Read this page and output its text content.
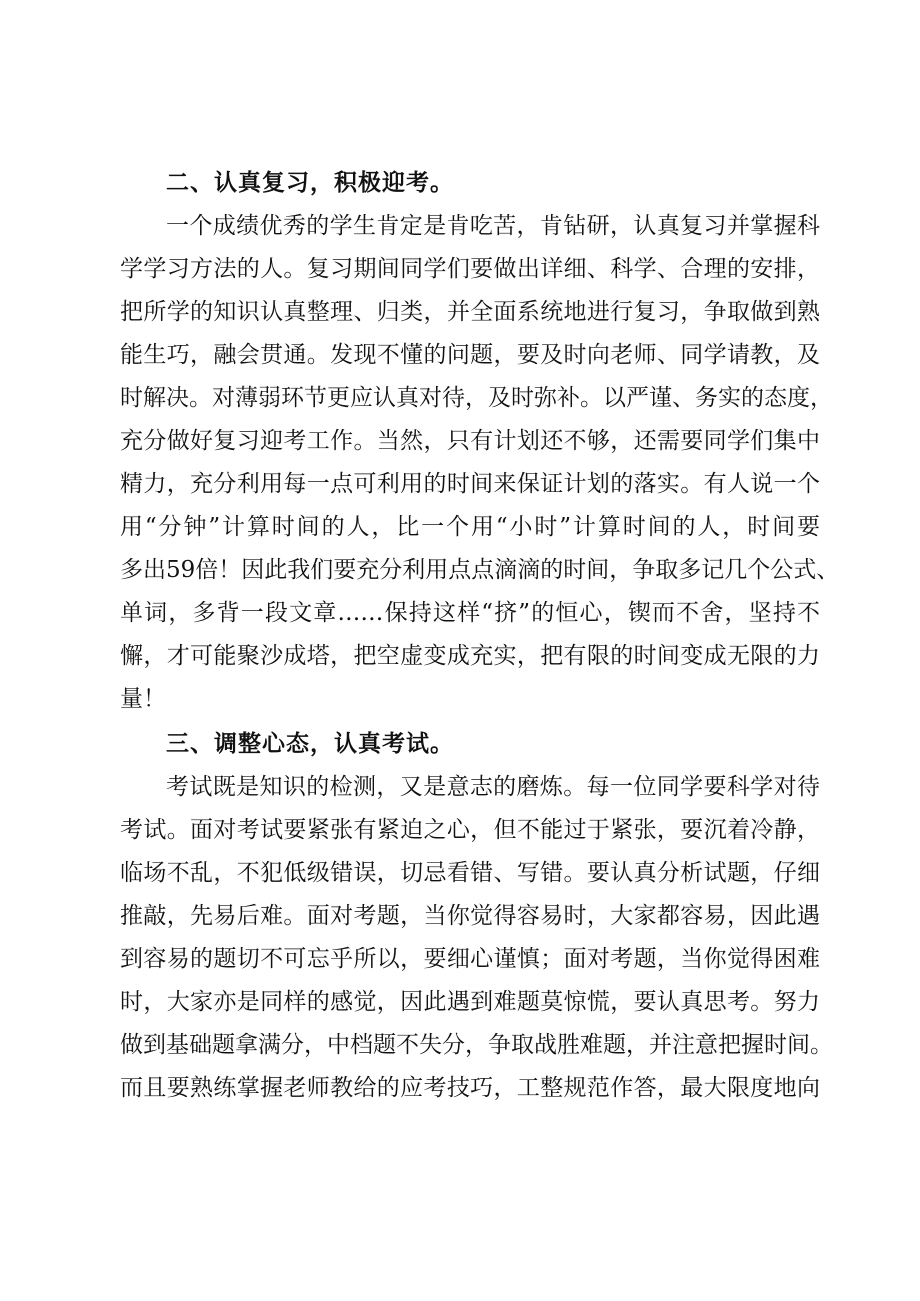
二、认真复习，积极迎考。
一个成绩优秀的学生肯定是肯吃苦，肯钻研，认真复习并掌握科
学学习方法的人。复习期间同学们要做出详细、科学、合理的安排，
把所学的知识认真整理、归类，并全面系统地进行复习，争取做到熟
能生巧，融会贯通。发现不懂的问题，要及时向老师、同学请教，及
时解决。对薄弱环节更应认真对待，及时弥补。以严谨、务实的态度，
充分做好复习迎考工作。当然，只有计划还不够，还需要同学们集中
精力，充分利用每一点可利用的时间来保证计划的落实。有人说一个
用“分钟”计算时间的人，比一个用“小时”计算时间的人，时间要
多出59倍！因此我们要充分利用点点滴滴的时间，争取多记几个公式、
单词，多背一段文章……保持这样“挤”的恒心，锲而不舍，坚持不
懈，才可能聚沙成塔，把空虚变成充实，把有限的时间变成无限的力
量！
三、调整心态，认真考试。
考试既是知识的检测，又是意志的磨炼。每一位同学要科学对待
考试。面对考试要紧张有紧迫之心，但不能过于紧张，要沉着冷静，
临场不乱，不犯低级错误，切忌看错、写错。要认真分析试题，仔细
推敲，先易后难。面对考题，当你觉得容易时，大家都容易，因此遇
到容易的题切不可忘乎所以，要细心谨慎；面对考题，当你觉得困难
时，大家亦是同样的感觉，因此遇到难题莫惊慌，要认真思考。努力
做到基础题拿满分，中档题不失分，争取战胜难题，并注意把握时间。
而且要熟练掌握老师教给的应考技巧，工整规范作答，最大限度地向
